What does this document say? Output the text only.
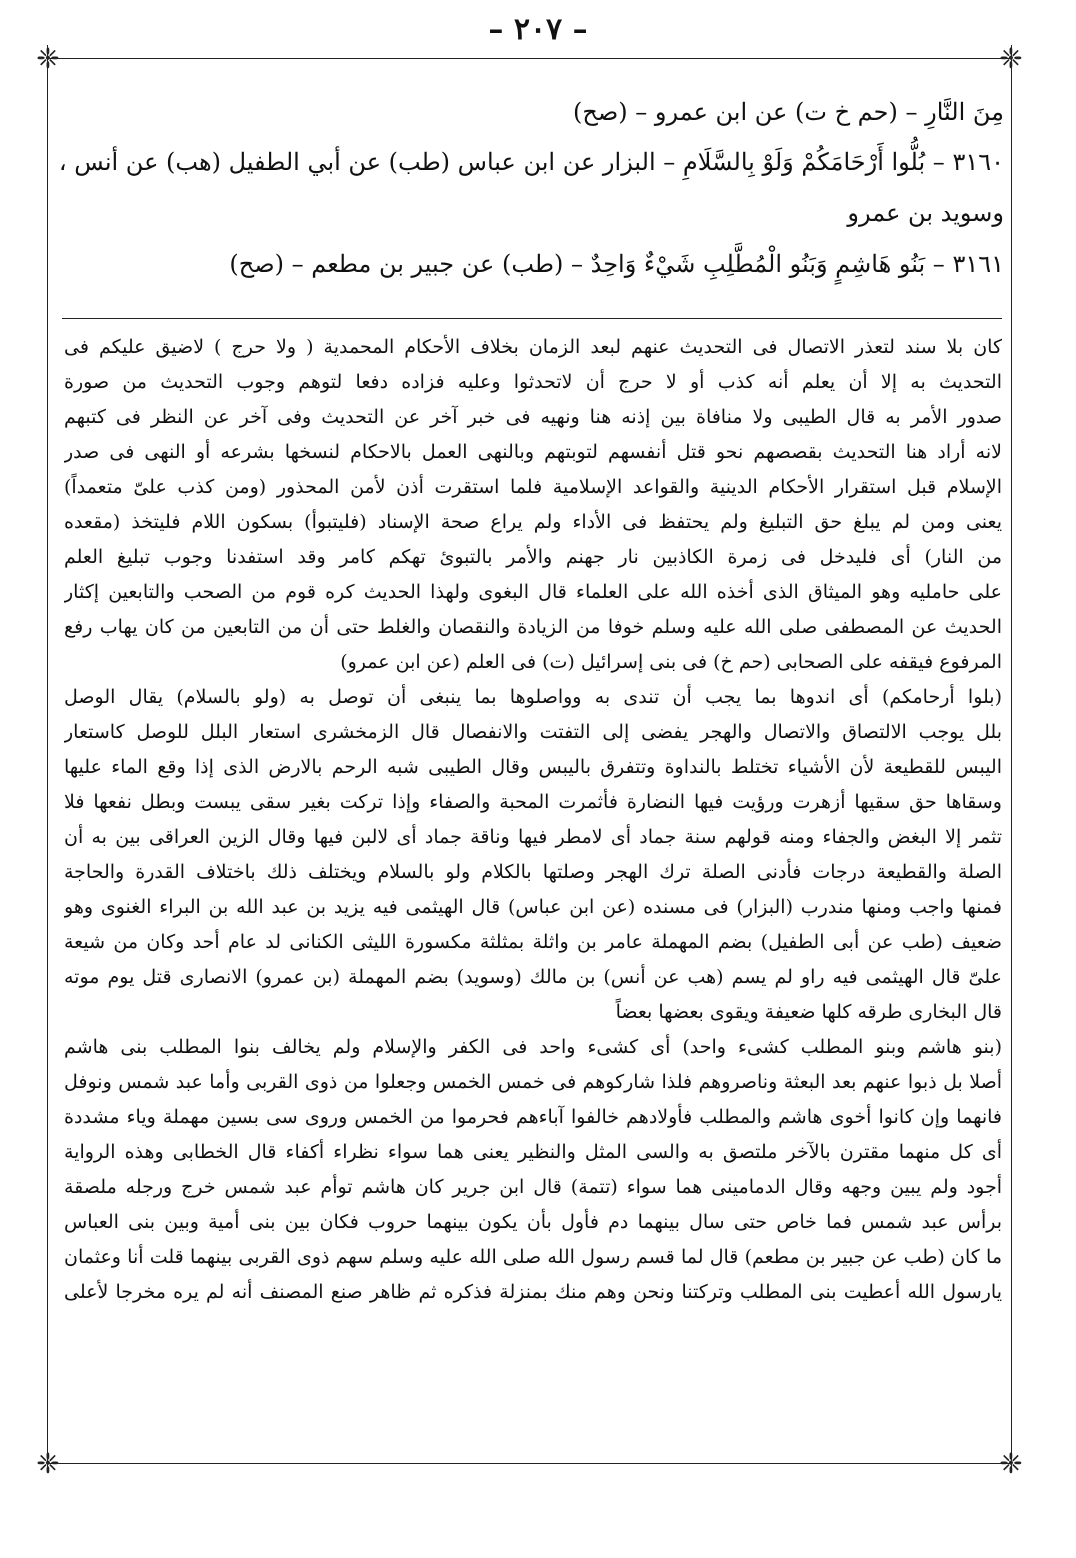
❈	❈
❈	❈
– ٢٠٧ –
مِنَ النَّارِ – (حم خ ت) عن ابن عمرو – (صح)
٣١٦٠ – بُلُّوا أَرْحَامَكُمْ وَلَوْ بِالسَّلَامِ – البزار عن ابن عباس (طب) عن أبي الطفيل (هب) عن أنس ،
وسويد بن عمرو
٣١٦١ – بَنُو هَاشِمٍ وَبَنُو الْمُطَّلِبِ شَيْءٌ وَاحِدٌ – (طب) عن جبير بن مطعم – (صح)
كان بلا سند لتعذر الاتصال فى التحديث عنهم لبعد الزمان بخلاف الأحكام المحمدية ( ولا حرج ) لاضيق عليكم فى
التحديث به إلا أن يعلم أنه كذب أو لا حرج أن لاتحدثوا وعليه فزاده دفعا لتوهم وجوب التحديث من صورة
صدور الأمر به قال الطيبى ولا منافاة بين إذنه هنا ونهيه فى خبر آخر عن التحديث وفى آخر عن النظر فى كتبهم
لانه أراد هنا التحديث بقصصهم نحو قتل أنفسهم لتوبتهم وبالنهى العمل بالاحكام لنسخها بشرعه أو النهى فى صدر
الإسلام قبل استقرار الأحكام الدينية والقواعد الإسلامية فلما استقرت أذن لأمن المحذور (ومن كذب علىّ متعمداً)
يعنى ومن لم يبلغ حق التبليغ ولم يحتفظ فى الأداء ولم يراع صحة الإسناد (فليتبوأ) بسكون اللام فليتخذ (مقعده
من النار) أى فليدخل فى زمرة الكاذبين نار جهنم والأمر بالتبوئ تهكم كامر وقد استفدنا وجوب تبليغ العلم
على حامليه وهو الميثاق الذى أخذه الله على العلماء قال البغوى ولهذا الحديث كره قوم من الصحب والتابعين إكثار
الحديث عن المصطفى صلى الله عليه وسلم خوفا من الزيادة والنقصان والغلط حتى أن من التابعين من كان يهاب رفع
المرفوع فيقفه على الصحابى (حم خ) فى بنى إسرائيل (ت) فى العلم (عن ابن عمرو)
(بلوا أرحامكم) أى اندوها بما يجب أن تندى به وواصلوها بما ينبغى أن توصل به (ولو بالسلام) يقال الوصل
بلل يوجب الالتصاق والاتصال والهجر يفضى إلى التفتت والانفصال قال الزمخشرى استعار البلل للوصل كاستعار
اليبس للقطيعة لأن الأشياء تختلط بالنداوة وتتفرق باليبس وقال الطيبى شبه الرحم بالارض الذى إذا وقع الماء عليها
وسقاها حق سقيها أزهرت ورؤيت فيها النضارة فأثمرت المحبة والصفاء وإذا تركت بغير سقى يبست وبطل نفعها فلا
تثمر إلا البغض والجفاء ومنه قولهم سنة جماد أى لامطر فيها وناقة جماد أى لالبن فيها وقال الزين العراقى بين به أن
الصلة والقطيعة درجات فأدنى الصلة ترك الهجر وصلتها بالكلام ولو بالسلام ويختلف ذلك باختلاف القدرة والحاجة
فمنها واجب ومنها مندرب (البزار) فى مسنده (عن ابن عباس) قال الهيثمى فيه يزيد بن عبد الله بن البراء الغنوى وهو
ضعيف (طب عن أبى الطفيل) بضم المهملة عامر بن واثلة بمثلثة مكسورة الليثى الكنانى لد عام أحد وكان من شيعة
علىّ قال الهيثمى فيه راو لم يسم (هب عن أنس) بن مالك (وسويد) بضم المهملة (بن عمرو) الانصارى قتل يوم موته
قال البخارى طرقه كلها ضعيفة ويقوى بعضها بعضاً
(بنو هاشم وبنو المطلب كشىء واحد) أى كشىء واحد فى الكفر والإسلام ولم يخالف بنوا المطلب بنى هاشم
أصلا بل ذبوا عنهم بعد البعثة وناصروهم فلذا شاركوهم فى خمس الخمس وجعلوا من ذوى القربى وأما عبد شمس ونوفل
فانهما وإن كانوا أخوى هاشم والمطلب فأولادهم خالفوا آباءهم فحرموا من الخمس وروى سى بسين مهملة وياء مشددة
أى كل منهما مقترن بالآخر ملتصق به والسى المثل والنظير يعنى هما سواء نظراء أكفاء قال الخطابى وهذه الرواية
أجود ولم يبين وجهه وقال الدمامينى هما سواء (تتمة) قال ابن جرير كان هاشم توأم عبد شمس خرج ورجله ملصقة
برأس عبد شمس فما خاص حتى سال بينهما دم فأول بأن يكون بينهما حروب فكان بين بنى أمية وبين بنى العباس
ما كان (طب عن جبير بن مطعم) قال لما قسم رسول الله صلى الله عليه وسلم سهم ذوى القربى بينهما قلت أنا وعثمان
يارسول الله أعطيت بنى المطلب وتركتنا ونحن وهم منك بمنزلة فذكره ثم ظاهر صنع المصنف أنه لم يره مخرجا لأعلى
